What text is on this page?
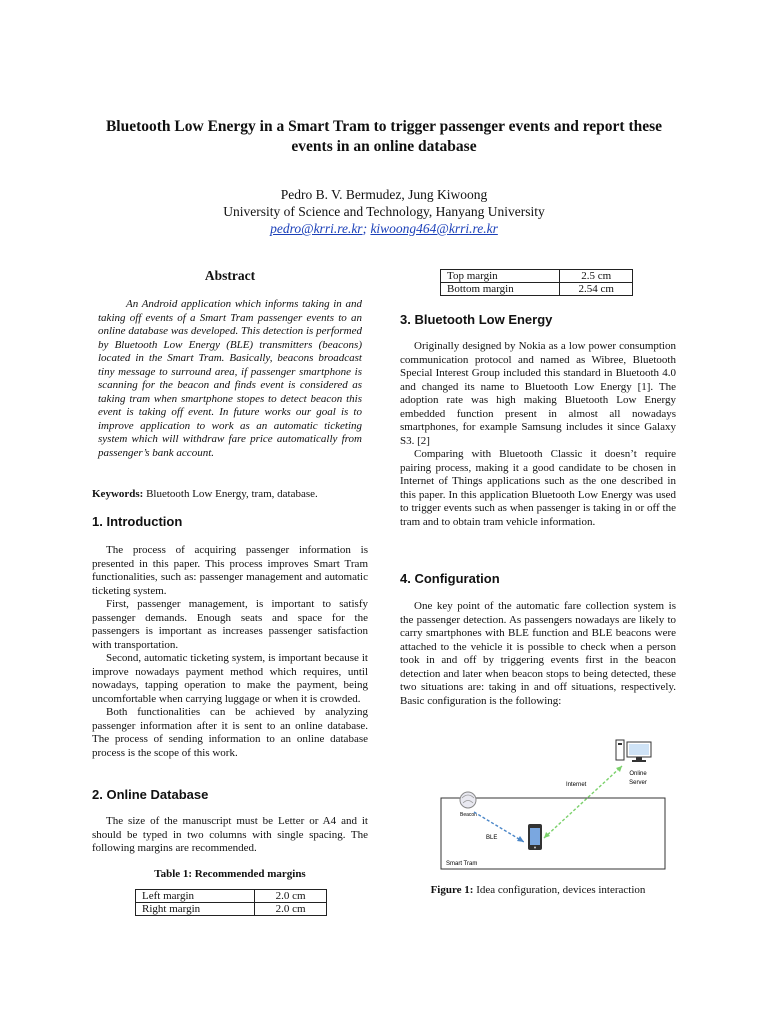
Bluetooth Low Energy in a Smart Tram to trigger passenger events and report these events in an online database
Pedro B. V. Bermudez, Jung Kiwoong
University of Science and Technology, Hanyang University
pedro@krri.re.kr; kiwoong464@krri.re.kr
Abstract

An Android application which informs taking in and taking off events of a Smart Tram passenger events to an online database was developed. This detection is performed by Bluetooth Low Energy (BLE) transmitters (beacons) located in the Smart Tram. Basically, beacons broadcast tiny message to surround area, if passenger smartphone is scanning for the beacon and finds event is considered as taking tram when smartphone stopes to detect beacon this event is taking off event. In future works our goal is to improve application to work as an automatic ticketing system which will withdraw fare price automatically from passenger’s bank account.

Keywords: Bluetooth Low Energy, tram, database.
1. Introduction

The process of acquiring passenger information is presented in this paper. This process improves Smart Tram functionalities, such as: passenger management and automatic ticketing system.

First, passenger management, is important to satisfy passenger demands. Enough seats and space for the passengers is important as increases passenger satisfaction with transportation.

Second, automatic ticketing system, is important because it improve nowadays payment method which requires, until nowadays, tapping operation to make the payment, being uncomfortable when carrying luggage or when it is crowded.

Both functionalities can be achieved by analyzing passenger information after it is sent to an online database. The process of sending information to an online database process is the scope of this work.

2. Online Database

The size of the manuscript must be Letter or A4 and it should be typed in two columns with single spacing. The following margins are recommended.

Table 1: Recommended margins
Left margin	2.0 cm
Right margin	2.0 cm
Top margin	2.5 cm
Bottom margin	2.54 cm
3. Bluetooth Low Energy

Originally designed by Nokia as a low power consumption communication protocol and named as Wibree, Bluetooth Special Interest Group included this standard in Bluetooth 4.0 and changed its name to Bluetooth Low Energy [1]. The adoption rate was high making Bluetooth Low Energy embedded function present in almost all nowadays smartphones, for example Samsung includes it since Galaxy S3. [2]

Comparing with Bluetooth Classic it doesn’t require pairing process, making it a good candidate to be chosen in Internet of Things applications such as the one described in this paper. In this application Bluetooth Low Energy was used to trigger events such as when passenger is taking in or off the tram and to obtain tram vehicle information.

4. Configuration

One key point of the automatic fare collection system is the passenger detection. As passengers nowadays are likely to carry smartphones with BLE function and BLE beacons were attached to the vehicle it is possible to check when a person took in and off by triggering events first in the beacon detection and later when beacon stops to being detected, these two situations are: taking in and off situations, respectively. Basic configuration is the following:

Online
Server
Internet
Beacon
BLE
Smart Tram
Figure 1: Idea configuration, devices interaction
